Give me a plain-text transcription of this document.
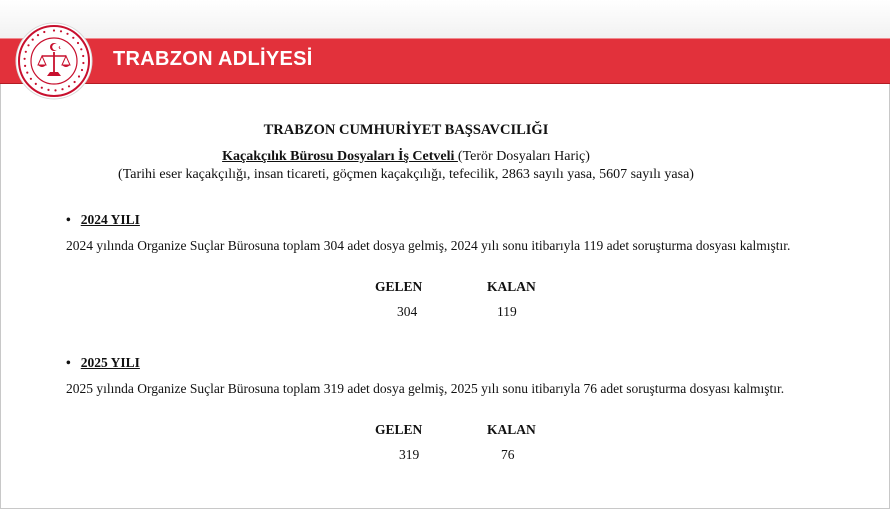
TRABZON ADLİYESİ
TRABZON CUMHURİYET BAŞSAVCILIĞI
Kaçakçılık Bürosu Dosyaları İş Cetveli (Terör Dosyaları Hariç)
(Tarihi eser kaçakçılığı, insan ticareti, göçmen kaçakçılığı, tefecilik, 2863 sayılı yasa, 5607 sayılı yasa)
• 2024 YILI
2024 yılında Organize Suçlar Bürosuna toplam 304 adet dosya gelmiş, 2024 yılı sonu itibarıyla 119 adet soruşturma dosyası kalmıştır.
GELEN	KALAN
304	119
• 2025 YILI
2025 yılında Organize Suçlar Bürosuna toplam 319 adet dosya gelmiş, 2025 yılı sonu itibarıyla 76 adet soruşturma dosyası kalmıştır.
GELEN	KALAN
319	76
